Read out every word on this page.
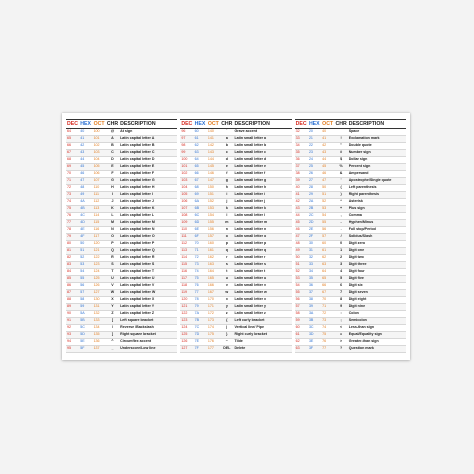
DEC	HEX	OCT	CHR	DESCRIPTION
64	40	100	@	At sign
65	41	101	A	Latin capital letter A
66	42	102	B	Latin capital letter B
67	43	103	C	Latin capital letter C
68	44	104	D	Latin capital letter D
69	45	105	E	Latin capital letter E
70	46	106	F	Latin capital letter F
71	47	107	G	Latin capital letter G
72	48	110	H	Latin capital letter H
73	49	111	I	Latin capital letter I
74	4A	112	J	Latin capital letter J
75	4B	113	K	Latin capital letter K
76	4C	114	L	Latin capital letter L
77	4D	115	M	Latin capital letter M
78	4E	116	N	Latin capital letter N
79	4F	117	O	Latin capital letter O
80	50	120	P	Latin capital letter P
81	51	121	Q	Latin capital letter Q
82	52	122	R	Latin capital letter R
83	53	123	S	Latin capital letter S
84	54	124	T	Latin capital letter T
85	55	125	U	Latin capital letter U
86	56	126	V	Latin capital letter V
87	57	127	W	Latin capital letter W
88	58	130	X	Latin capital letter X
89	59	131	Y	Latin capital letter Y
90	5A	132	Z	Latin capital letter Z
91	5B	133	[	Left square bracket
92	5C	134	\	Reverse /Backslash
93	5D	135	]	Right square bracket
94	5E	136	^	Circumflex accent
95	5F	137	_	Underscore/Low line
DEC	HEX	OCT	CHR	DESCRIPTION
96	60	140	`	Grave accent
97	61	141	a	Latin small letter a
98	62	142	b	Latin small letter b
99	63	143	c	Latin small letter c
100	64	144	d	Latin small letter d
101	65	145	e	Latin small letter e
102	66	146	f	Latin small letter f
103	67	147	g	Latin small letter g
104	68	150	h	Latin small letter h
105	69	151	i	Latin small letter i
106	6A	152	j	Latin small letter j
107	6B	153	k	Latin small letter k
108	6C	154	l	Latin small letter l
109	6D	155	m	Latin small letter m
110	6E	156	n	Latin small letter n
111	6F	157	o	Latin small letter o
112	70	160	p	Latin small letter p
113	71	161	q	Latin small letter q
114	72	162	r	Latin small letter r
115	73	163	s	Latin small letter s
116	74	164	t	Latin small letter t
117	75	165	u	Latin small letter u
118	76	166	v	Latin small letter v
119	77	167	w	Latin small letter w
120	78	170	x	Latin small letter x
121	79	171	y	Latin small letter y
122	7A	172	z	Latin small letter z
123	7B	173	{	Left curly bracket
124	7C	174	|	Vertical line/ Pipe
125	7D	175	}	Right curly bracket
126	7E	176	~	Tilde
127	7F	177	DEL	Delete
DEC	HEX	OCT	CHR	DESCRIPTION
32	20	40		Space
33	21	41	!	Exclamation mark
34	22	42	"	Double quote
35	23	43	#	Number sign
36	24	44	$	Dollar sign
37	25	45	%	Percent sign
38	26	46	&	Ampersand
39	27	47	'	Apostrophe/Single quote
40	28	50	(	Left parenthesis
41	29	51	)	Right parenthesis
42	2A	52	*	Asterisk
43	2B	53	+	Plus sign
44	2C	54	,	Comma
45	2D	55	-	Hyphen/Minus
46	2E	56	.	Full stop/Period
47	2F	57	/	Solidus/Slash
48	30	60	0	Digit zero
49	31	61	1	Digit one
50	32	62	2	Digit two
51	33	63	3	Digit three
52	34	64	4	Digit four
53	35	65	5	Digit five
54	36	66	6	Digit six
55	37	67	7	Digit seven
56	38	70	8	Digit eight
57	39	71	9	Digit nine
58	3A	72	:	Colon
59	3B	73	;	Semicolon
60	3C	74	<	Less-than sign
61	3D	75	=	Equal/Equality sign
62	3E	76	>	Greater-than sign
63	3F	77	?	Question mark
